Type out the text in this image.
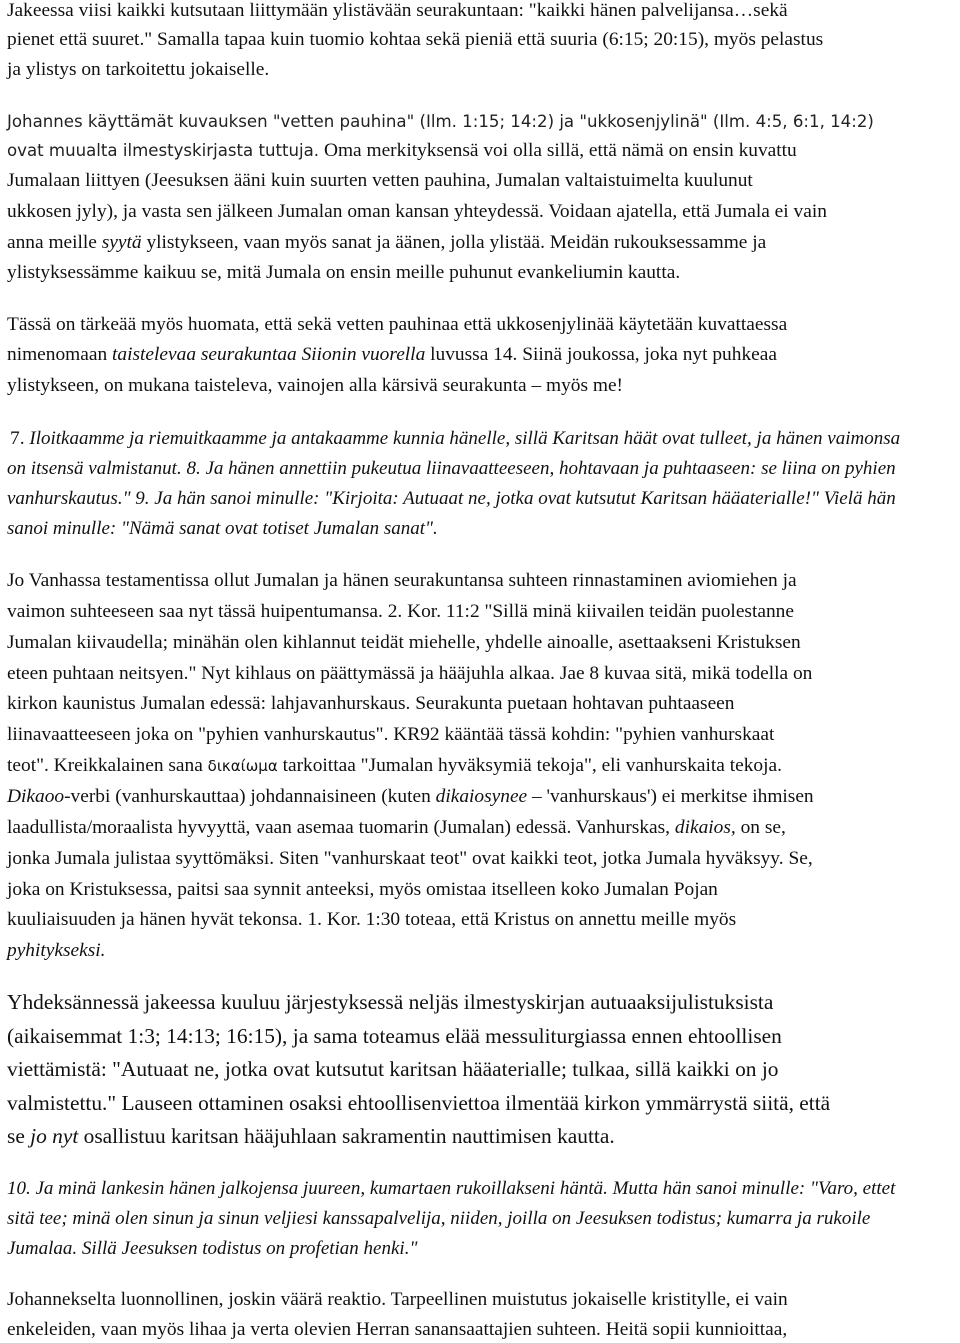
Jakeessa viisi kaikki kutsutaan liittymään ylistävään seurakuntaan: "kaikki hänen palvelijansa…sekä
pienet että suuret." Samalla tapaa kuin tuomio kohtaa sekä pieniä että suuria (6:15; 20:15), myös pelastus
ja ylistys on tarkoitettu jokaiselle.
Johannes käyttämät kuvauksen "vetten pauhina" (Ilm. 1:15; 14:2) ja "ukkosenjylinä" (Ilm. 4:5, 6:1, 14:2)
ovat muualta ilmestyskirjasta tuttuja. Oma merkityksensä voi olla sillä, että nämä on ensin kuvattu
Jumalaan liittyen (Jeesuksen ääni kuin suurten vetten pauhina, Jumalan valtaistuimelta kuulunut
ukkosen jyly), ja vasta sen jälkeen Jumalan oman kansan yhteydessä. Voidaan ajatella, että Jumala ei vain
anna meille syytä ylistykseen, vaan myös sanat ja äänen, jolla ylistää. Meidän rukouksessamme ja
ylistyksessämme kaikuu se, mitä Jumala on ensin meille puhunut evankeliumin kautta.
Tässä on tärkeää myös huomata, että sekä vetten pauhinaa että ukkosenjylinää käytetään kuvattaessa
nimenomaan taistelevaa seurakuntaa Siionin vuorella luvussa 14. Siinä joukossa, joka nyt puhkeaa
ylistykseen, on mukana taisteleva, vainojen alla kärsivä seurakunta – myös me!
7. Iloitkaamme ja riemuitkaamme ja antakaamme kunnia hänelle, sillä Karitsan häät ovat tulleet, ja hänen vaimonsa
on itsensä valmistanut. 8. Ja hänen annettiin pukeutua liinavaatteeseen, hohtavaan ja puhtaaseen: se liina on pyhien
vanhurskautus." 9. Ja hän sanoi minulle: "Kirjoita: Autuaat ne, jotka ovat kutsutut Karitsan hääaterialle!" Vielä hän
sanoi minulle: "Nämä sanat ovat totiset Jumalan sanat".
Jo Vanhassa testamentissa ollut Jumalan ja hänen seurakuntansa suhteen rinnastaminen aviomiehen ja
vaimon suhteeseen saa nyt tässä huipentumansa. 2. Kor. 11:2 "Sillä minä kiivailen teidän puolestanne
Jumalan kiivaudella; minähän olen kihlannut teidät miehelle, yhdelle ainoalle, asettaakseni Kristuksen
eteen puhtaan neitsyen." Nyt kihlaus on päättymässä ja hääjuhla alkaa. Jae 8 kuvaa sitä, mikä todella on
kirkon kaunistus Jumalan edessä: lahjavanhurskaus. Seurakunta puetaan hohtavan puhtaaseen
liinavaatteeseen joka on "pyhien vanhurskautus". KR92 kääntää tässä kohdin: "pyhien vanhurskaat
teot". Kreikkalainen sana δικαίωμα tarkoittaa "Jumalan hyväksymiä tekoja", eli vanhurskaita tekoja.
Dikaoo-verbi (vanhurskauttaa) johdannaisineen (kuten dikaiosynee – 'vanhurskaus') ei merkitse ihmisen
laadullista/moraalista hyvyyttä, vaan asemaa tuomarin (Jumalan) edessä. Vanhurskas, dikaios, on se,
jonka Jumala julistaa syyttömäksi. Siten "vanhurskaat teot" ovat kaikki teot, jotka Jumala hyväksyy. Se,
joka on Kristuksessa, paitsi saa synnit anteeksi, myös omistaa itselleen koko Jumalan Pojan
kuuliaisuuden ja hänen hyvät tekonsa. 1. Kor. 1:30 toteaa, että Kristus on annettu meille myös
pyhitykseksi.
Yhdeksännessä jakeessa kuuluu järjestyksessä neljäs ilmestyskirjan autuaaksijulistuksista
(aikaisemmat 1:3; 14:13; 16:15), ja sama toteamus elää messuliturgiassa ennen ehtoollisen
viettämistä: "Autuaat ne, jotka ovat kutsutut karitsan hääaterialle; tulkaa, sillä kaikki on jo
valmistettu." Lauseen ottaminen osaksi ehtoollisenviettoa ilmentää kirkon ymmärrystä siitä, että
se jo nyt osallistuu karitsan hääjuhlaan sakramentin nauttimisen kautta.
10. Ja minä lankesin hänen jalkojensa juureen, kumartaen rukoillakseni häntä. Mutta hän sanoi minulle: "Varo, ettet
sitä tee; minä olen sinun ja sinun veljiesi kanssapalvelija, niiden, joilla on Jeesuksen todistus; kumarra ja rukoile
Jumalaa. Sillä Jeesuksen todistus on profetian henki."
Johannekselta luonnollinen, joskin väärä reaktio. Tarpeellinen muistutus jokaiselle kristitylle, ei vain
enkeleiden, vaan myös lihaa ja verta olevien Herran sanansaattajien suhteen. Heitä sopii kunnioittaa,
